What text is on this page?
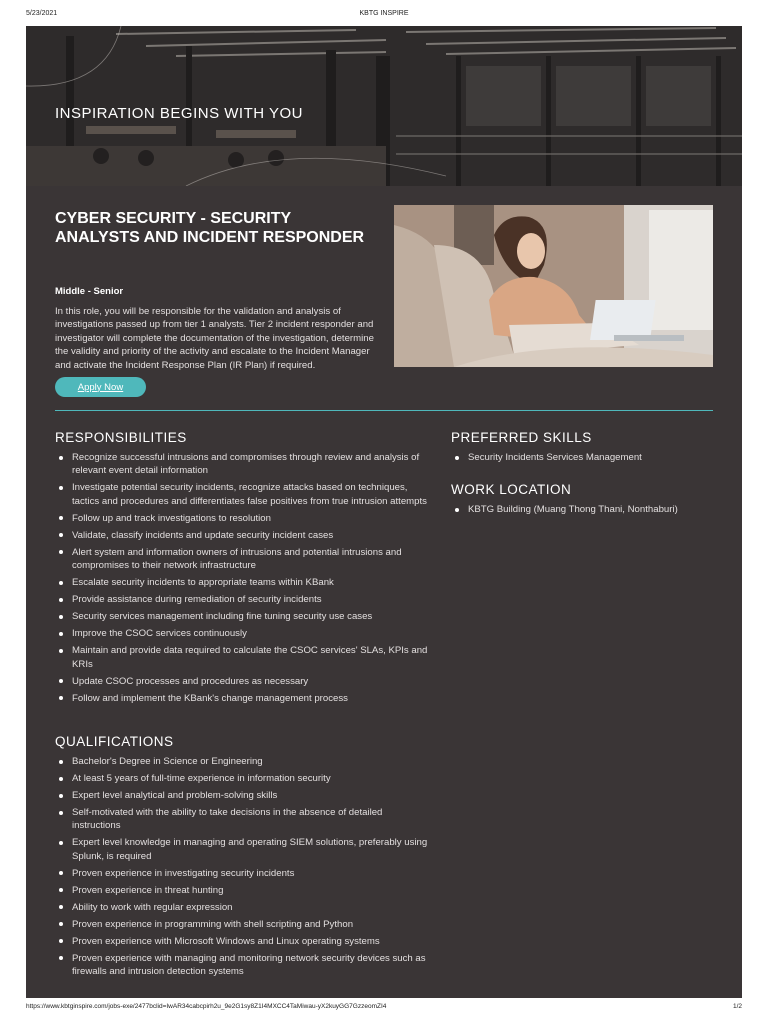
5/23/2021	KBTG INSPIRE
INSPIRATION BEGINS WITH YOU
CYBER SECURITY - SECURITY ANALYSTS AND INCIDENT RESPONDER
Middle - Senior

In this role, you will be responsible for the validation and analysis of investigations passed up from tier 1 analysts. Tier 2 incident responder and investigator will complete the documentation of the investigation, determine the validity and priority of the activity and escalate to the Incident Manager and activate the Incident Response Plan (IR Plan) if required.

Apply Now
RESPONSIBILITIES
Recognize successful intrusions and compromises through review and analysis of relevant event detail information
Investigate potential security incidents, recognize attacks based on techniques, tactics and procedures and differentiates false positives from true intrusion attempts
Follow up and track investigations to resolution
Validate, classify incidents and update security incident cases
Alert system and information owners of intrusions and potential intrusions and compromises to their network infrastructure
Escalate security incidents to appropriate teams within KBank
Provide assistance during remediation of security incidents
Security services management including fine tuning security use cases
Improve the CSOC services continuously
Maintain and provide data required to calculate the CSOC services' SLAs, KPIs and KRIs
Update CSOC processes and procedures as necessary
Follow and implement the KBank's change management process
QUALIFICATIONS
Bachelor's Degree in Science or Engineering
At least 5 years of full-time experience in information security
Expert level analytical and problem-solving skills
Self-motivated with the ability to take decisions in the absence of detailed instructions
Expert level knowledge in managing and operating SIEM solutions, preferably using Splunk, is required
Proven experience in investigating security incidents
Proven experience in threat hunting
Ability to work with regular expression
Proven experience in programming with shell scripting and Python
Proven experience with Microsoft Windows and Linux operating systems
Proven experience with managing and monitoring network security devices such as firewalls and intrusion detection systems
PREFERRED SKILLS
Security Incidents Services Management
WORK LOCATION
KBTG Building (Muang Thong Thani, Nonthaburi)
https://www.kbtginspire.com/jobs-exe/2477bclid=IwAR34cabcpirh2u_9e2G1sy8Z1I4MXCC4TaMiwau-yX2kuyGG7GzzeomZI4	1/2
